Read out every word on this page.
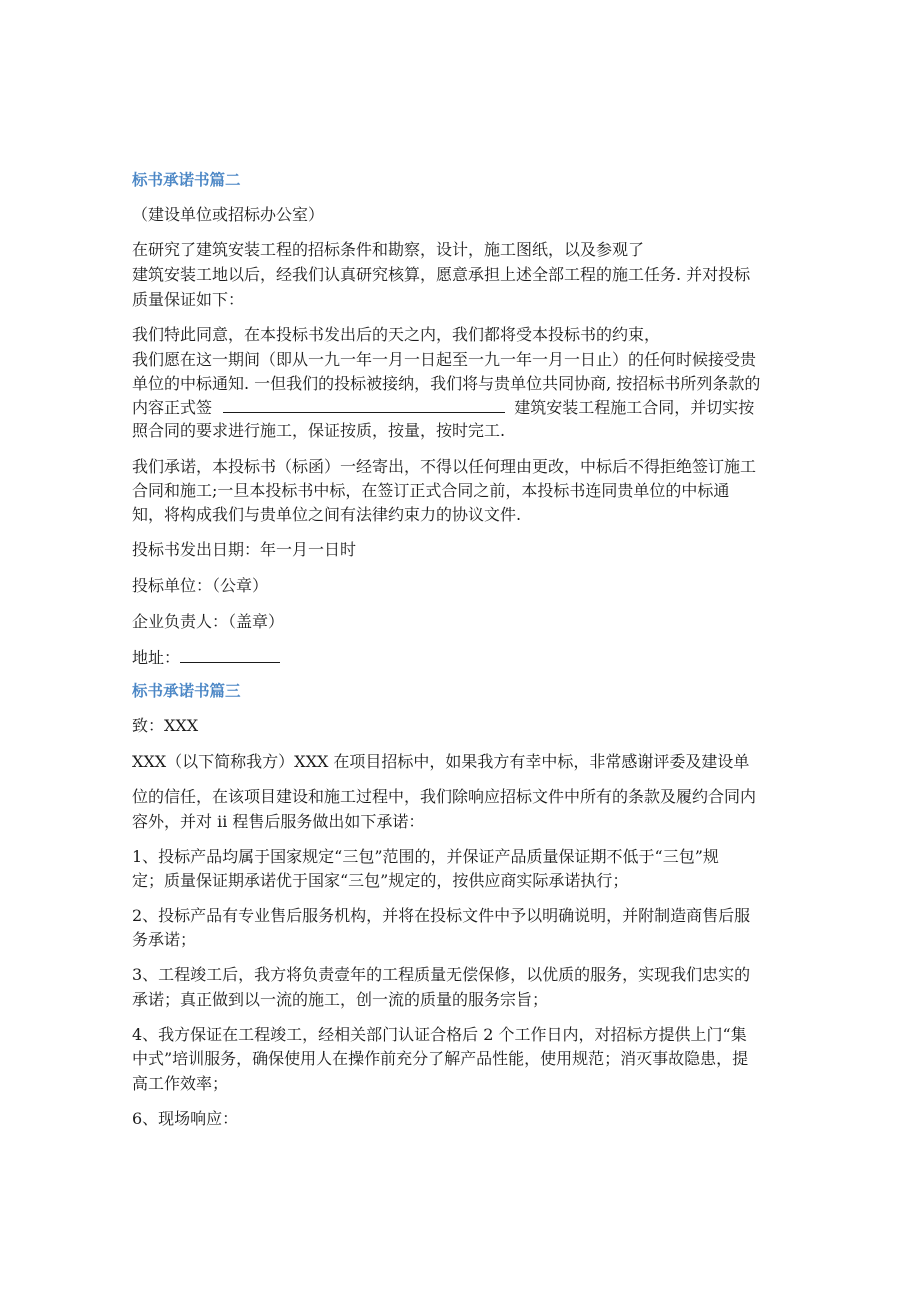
标书承诺书篇二
（建设单位或招标办公室）
在研究了建筑安装工程的招标条件和勘察，设计，施工图纸，以及参观了
建筑安装工地以后，经我们认真研究核算，愿意承担上述全部工程的施工任务. 并对投标
质量保证如下：
我们特此同意，在本投标书发出后的天之内，我们都将受本投标书的约束，
我们愿在这一期间（即从一九一年一月一日起至一九一年一月一日止）的任何时候接受贵
单位的中标通知. 一但我们的投标被接纳，我们将与贵单位共同协商, 按招标书所列条款的
内容正式签	建筑安装工程施工合同，并切实按
照合同的要求进行施工，保证按质，按量，按时完工.
我们承诺，本投标书（标函）一经寄出，不得以任何理由更改，中标后不得拒绝签订施工
合同和施工;一旦本投标书中标，在签订正式合同之前，本投标书连同贵单位的中标通
知，将构成我们与贵单位之间有法律约束力的协议文件.
投标书发出日期：年一月一日时
投标单位：（公章）
企业负责人：（盖章）
地址：
标书承诺书篇三
致：XXX
XXX（以下简称我方）XXX 在项目招标中，如果我方有幸中标，非常感谢评委及建设单
位的信任，在该项目建设和施工过程中，我们除响应招标文件中所有的条款及履约合同内
容外，并对 ii 程售后服务做出如下承诺：
1、投标产品均属于国家规定“三包”范围的，并保证产品质量保证期不低于“三包”规
定；质量保证期承诺优于国家“三包”规定的，按供应商实际承诺执行；
2、投标产品有专业售后服务机构，并将在投标文件中予以明确说明，并附制造商售后服
务承诺；
3、工程竣工后，我方将负责壹年的工程质量无偿保修，以优质的服务，实现我们忠实的
承诺；真正做到以一流的施工，创一流的质量的服务宗旨；
4、我方保证在工程竣工，经相关部门认证合格后 2 个工作日内，对招标方提供上门“集
中式”培训服务，确保使用人在操作前充分了解产品性能，使用规范；消灭事故隐患，提
高工作效率；
6、现场响应：
